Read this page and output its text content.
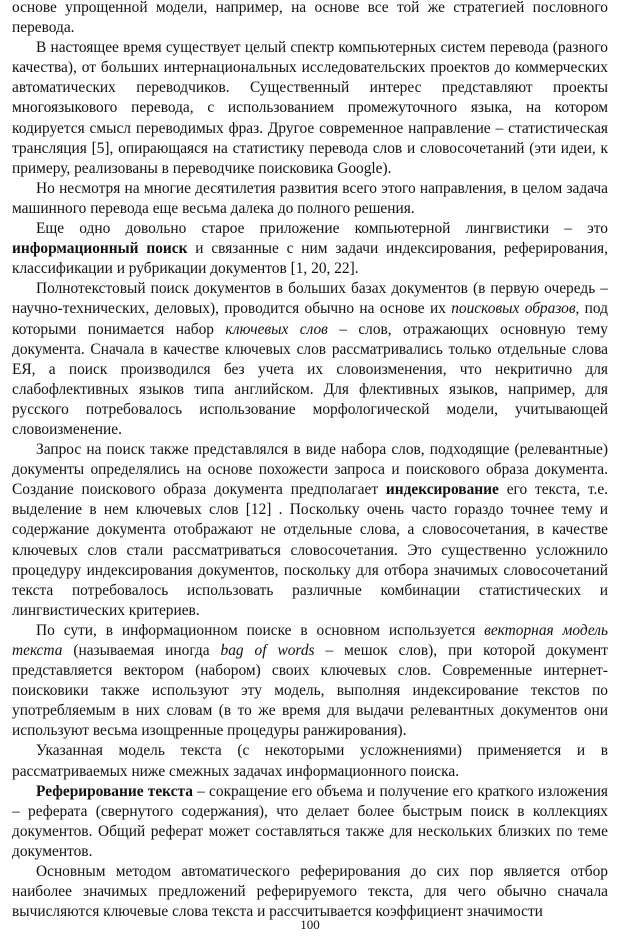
основе упрощенной модели, например, на основе все той же стратегией пословного перевода.

В настоящее время существует целый спектр компьютерных систем перевода (разного качества), от больших интернациональных исследовательских проектов до коммерческих автоматических переводчиков. Существенный интерес представляют проекты многоязыкового перевода, с использованием промежуточного языка, на котором кодируется смысл переводимых фраз. Другое современное направление – статистическая трансляция [5], опирающаяся на статистику перевода слов и словосочетаний (эти идеи, к примеру, реализованы в переводчике поисковика Google).

Но несмотря на многие десятилетия развития всего этого направления, в целом задача машинного перевода еще весьма далека до полного решения.

Еще одно довольно старое приложение компьютерной лингвистики – это информационный поиск и связанные с ним задачи индексирования, реферирования, классификации и рубрикации документов [1, 20, 22].

Полнотекстовый поиск документов в больших базах документов (в первую очередь – научно-технических, деловых), проводится обычно на основе их поисковых образов, под которыми понимается набор ключевых слов – слов, отражающих основную тему документа. Сначала в качестве ключевых слов рассматривались только отдельные слова ЕЯ, а поиск производился без учета их словоизменения, что некритично для слабофлективных языков типа английском. Для флективных языков, например, для русского потребовалось использование морфологической модели, учитывающей словоизменение.

Запрос на поиск также представлялся в виде набора слов, подходящие (релевантные) документы определялись на основе похожести запроса и поискового образа документа. Создание поискового образа документа предполагает индексирование его текста, т.е. выделение в нем ключевых слов [12] . Поскольку очень часто гораздо точнее тему и содержание документа отображают не отдельные слова, а словосочетания, в качестве ключевых слов стали рассматриваться словосочетания. Это существенно усложнило процедуру индексирования документов, поскольку для отбора значимых словосочетаний текста потребовалось использовать различные комбинации статистических и лингвистических критериев.

По сути, в информационном поиске в основном используется векторная модель текста (называемая иногда bag of words – мешок слов), при которой документ представляется вектором (набором) своих ключевых слов. Современные интернет-поисковики также используют эту модель, выполняя индексирование текстов по употребляемым в них словам (в то же время для выдачи релевантных документов они используют весьма изощренные процедуры ранжирования).

Указанная модель текста (с некоторыми усложнениями) применяется и в рассматриваемых ниже смежных задачах информационного поиска.

Реферирование текста – сокращение его объема и получение его краткого изложения – реферата (свернутого содержания), что делает более быстрым поиск в коллекциях документов. Общий реферат может составляться также для нескольких близких по теме документов.

Основным методом автоматического реферирования до сих пор является отбор наиболее значимых предложений реферируемого текста, для чего обычно сначала вычисляются ключевые слова текста и рассчитывается коэффициент значимости

100
